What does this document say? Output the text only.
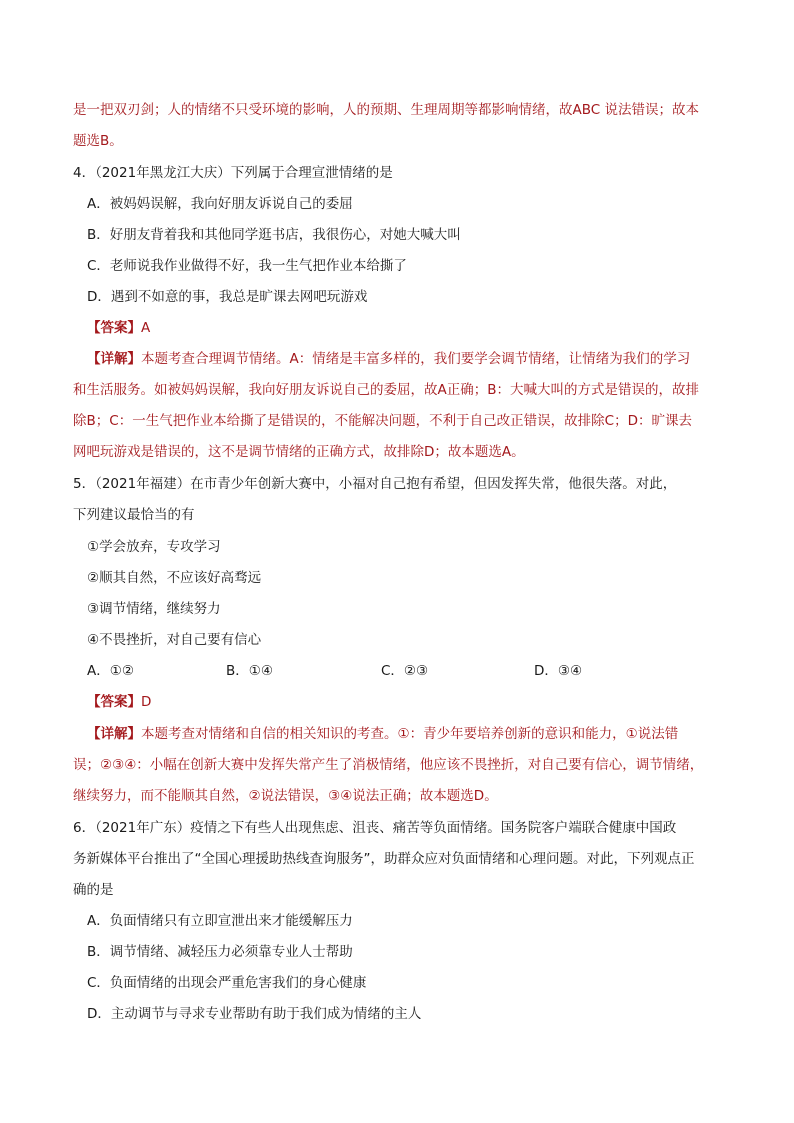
是一把双刃剑；人的情绪不只受环境的影响，人的预期、生理周期等都影响情绪，故ABC 说法错误；故本
题选B。
4．（2021年黑龙江大庆）下列属于合理宣泄情绪的是
A．被妈妈误解，我向好朋友诉说自己的委屈
B．好朋友背着我和其他同学逛书店，我很伤心，对她大喊大叫
C．老师说我作业做得不好，我一生气把作业本给撕了
D．遇到不如意的事，我总是旷课去网吧玩游戏
【答案】A
【详解】本题考查合理调节情绪。A：情绪是丰富多样的，我们要学会调节情绪，让情绪为我们的学习
和生活服务。如被妈妈误解，我向好朋友诉说自己的委屈，故A正确；B：大喊大叫的方式是错误的，故排
除B；C：一生气把作业本给撕了是错误的，不能解决问题，不利于自己改正错误，故排除C；D：旷课去
网吧玩游戏是错误的，这不是调节情绪的正确方式，故排除D；故本题选A。
5．（2021年福建）在市青少年创新大赛中，小福对自己抱有希望，但因发挥失常，他很失落。对此，
下列建议最恰当的有
①学会放弃，专攻学习
②顺其自然，不应该好高骛远
③调节情绪，继续努力
④不畏挫折，对自己要有信心
A．①②	B．①④	C．②③	D．③④
【答案】D
【详解】本题考查对情绪和自信的相关知识的考查。①：青少年要培养创新的意识和能力，①说法错
误；②③④：小幅在创新大赛中发挥失常产生了消极情绪，他应该不畏挫折，对自己要有信心，调节情绪，
继续努力，而不能顺其自然，②说法错误，③④说法正确；故本题选D。
6．（2021年广东）疫情之下有些人出现焦虑、沮丧、痛苦等负面情绪。国务院客户端联合健康中国政
务新媒体平台推出了“全国心理援助热线查询服务”，助群众应对负面情绪和心理问题。对此，下列观点正
确的是
A．负面情绪只有立即宣泄出来才能缓解压力
B．调节情绪、减轻压力必须靠专业人士帮助
C．负面情绪的出现会严重危害我们的身心健康
D．主动调节与寻求专业帮助有助于我们成为情绪的主人
